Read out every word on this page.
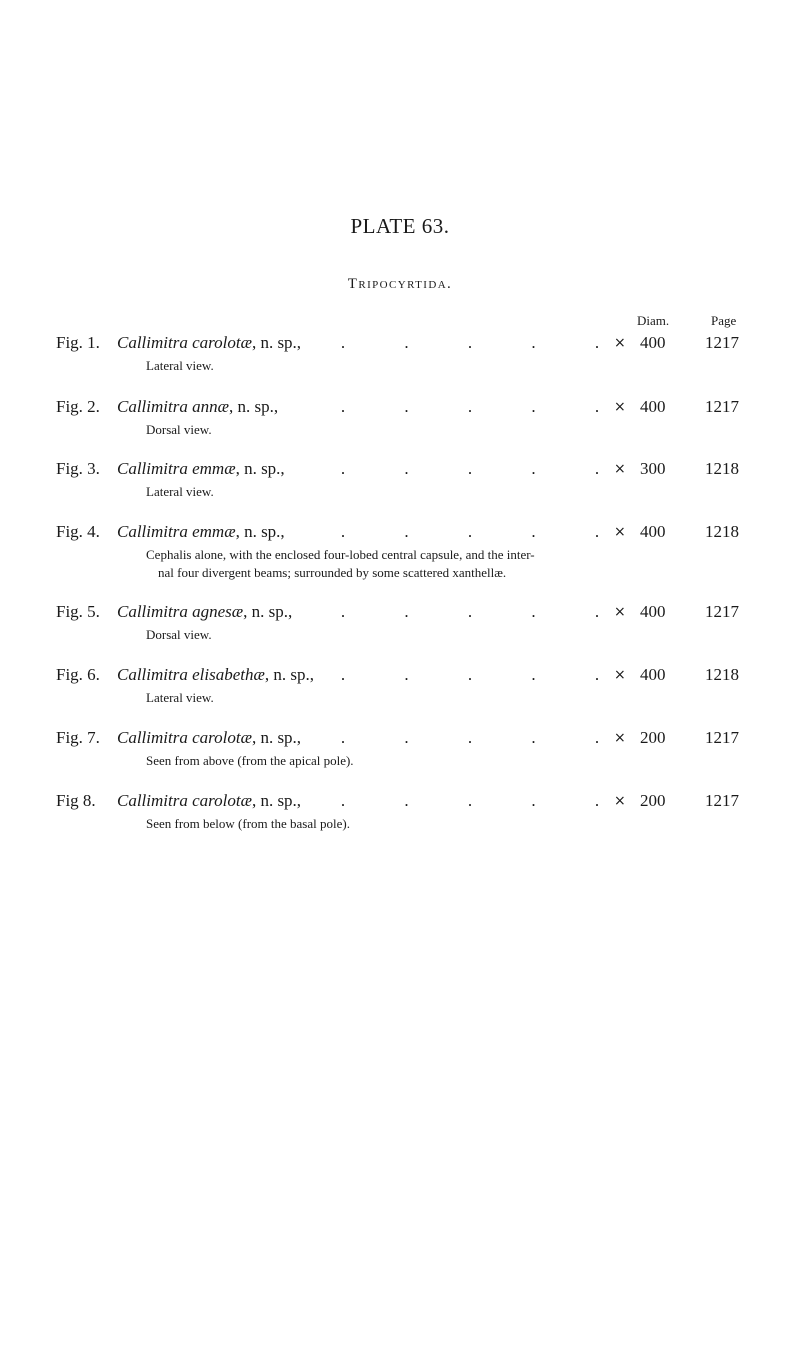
PLATE 63.
Tripocyrtida.
Diam.	Page
Fig. 1. Callimitra carolotæ, n. sp., .	.	.	.	. × 400 1217
Lateral view.
Fig. 2. Callimitra annæ, n. sp.,	.	.	.	.	. × 400 1217
Dorsal view.
Fig. 3. Callimitra emmæ, n. sp.,	.	.	.	.	. × 300 1218
Lateral view.
Fig. 4. Callimitra emmæ, n. sp.,	.	.	.	.	. × 400 1218
Cephalis alone, with the enclosed four-lobed central capsule, and the inter-
nal four divergent beams; surrounded by some scattered xanthellæ.
Fig. 5. Callimitra agnesæ, n. sp.,	.	.	.	.	. × 400 1217
Dorsal view.
Fig. 6. Callimitra elisabethæ, n. sp., .	.	.	.	. × 400 1218
Lateral view.
Fig. 7. Callimitra carolotæ, n. sp., .	.	.	.	. × 200 1217
Seen from above (from the apical pole).
Fig 8. Callimitra carolotæ, n. sp., .	.	.	.	. × 200 1217
Seen from below (from the basal pole).
